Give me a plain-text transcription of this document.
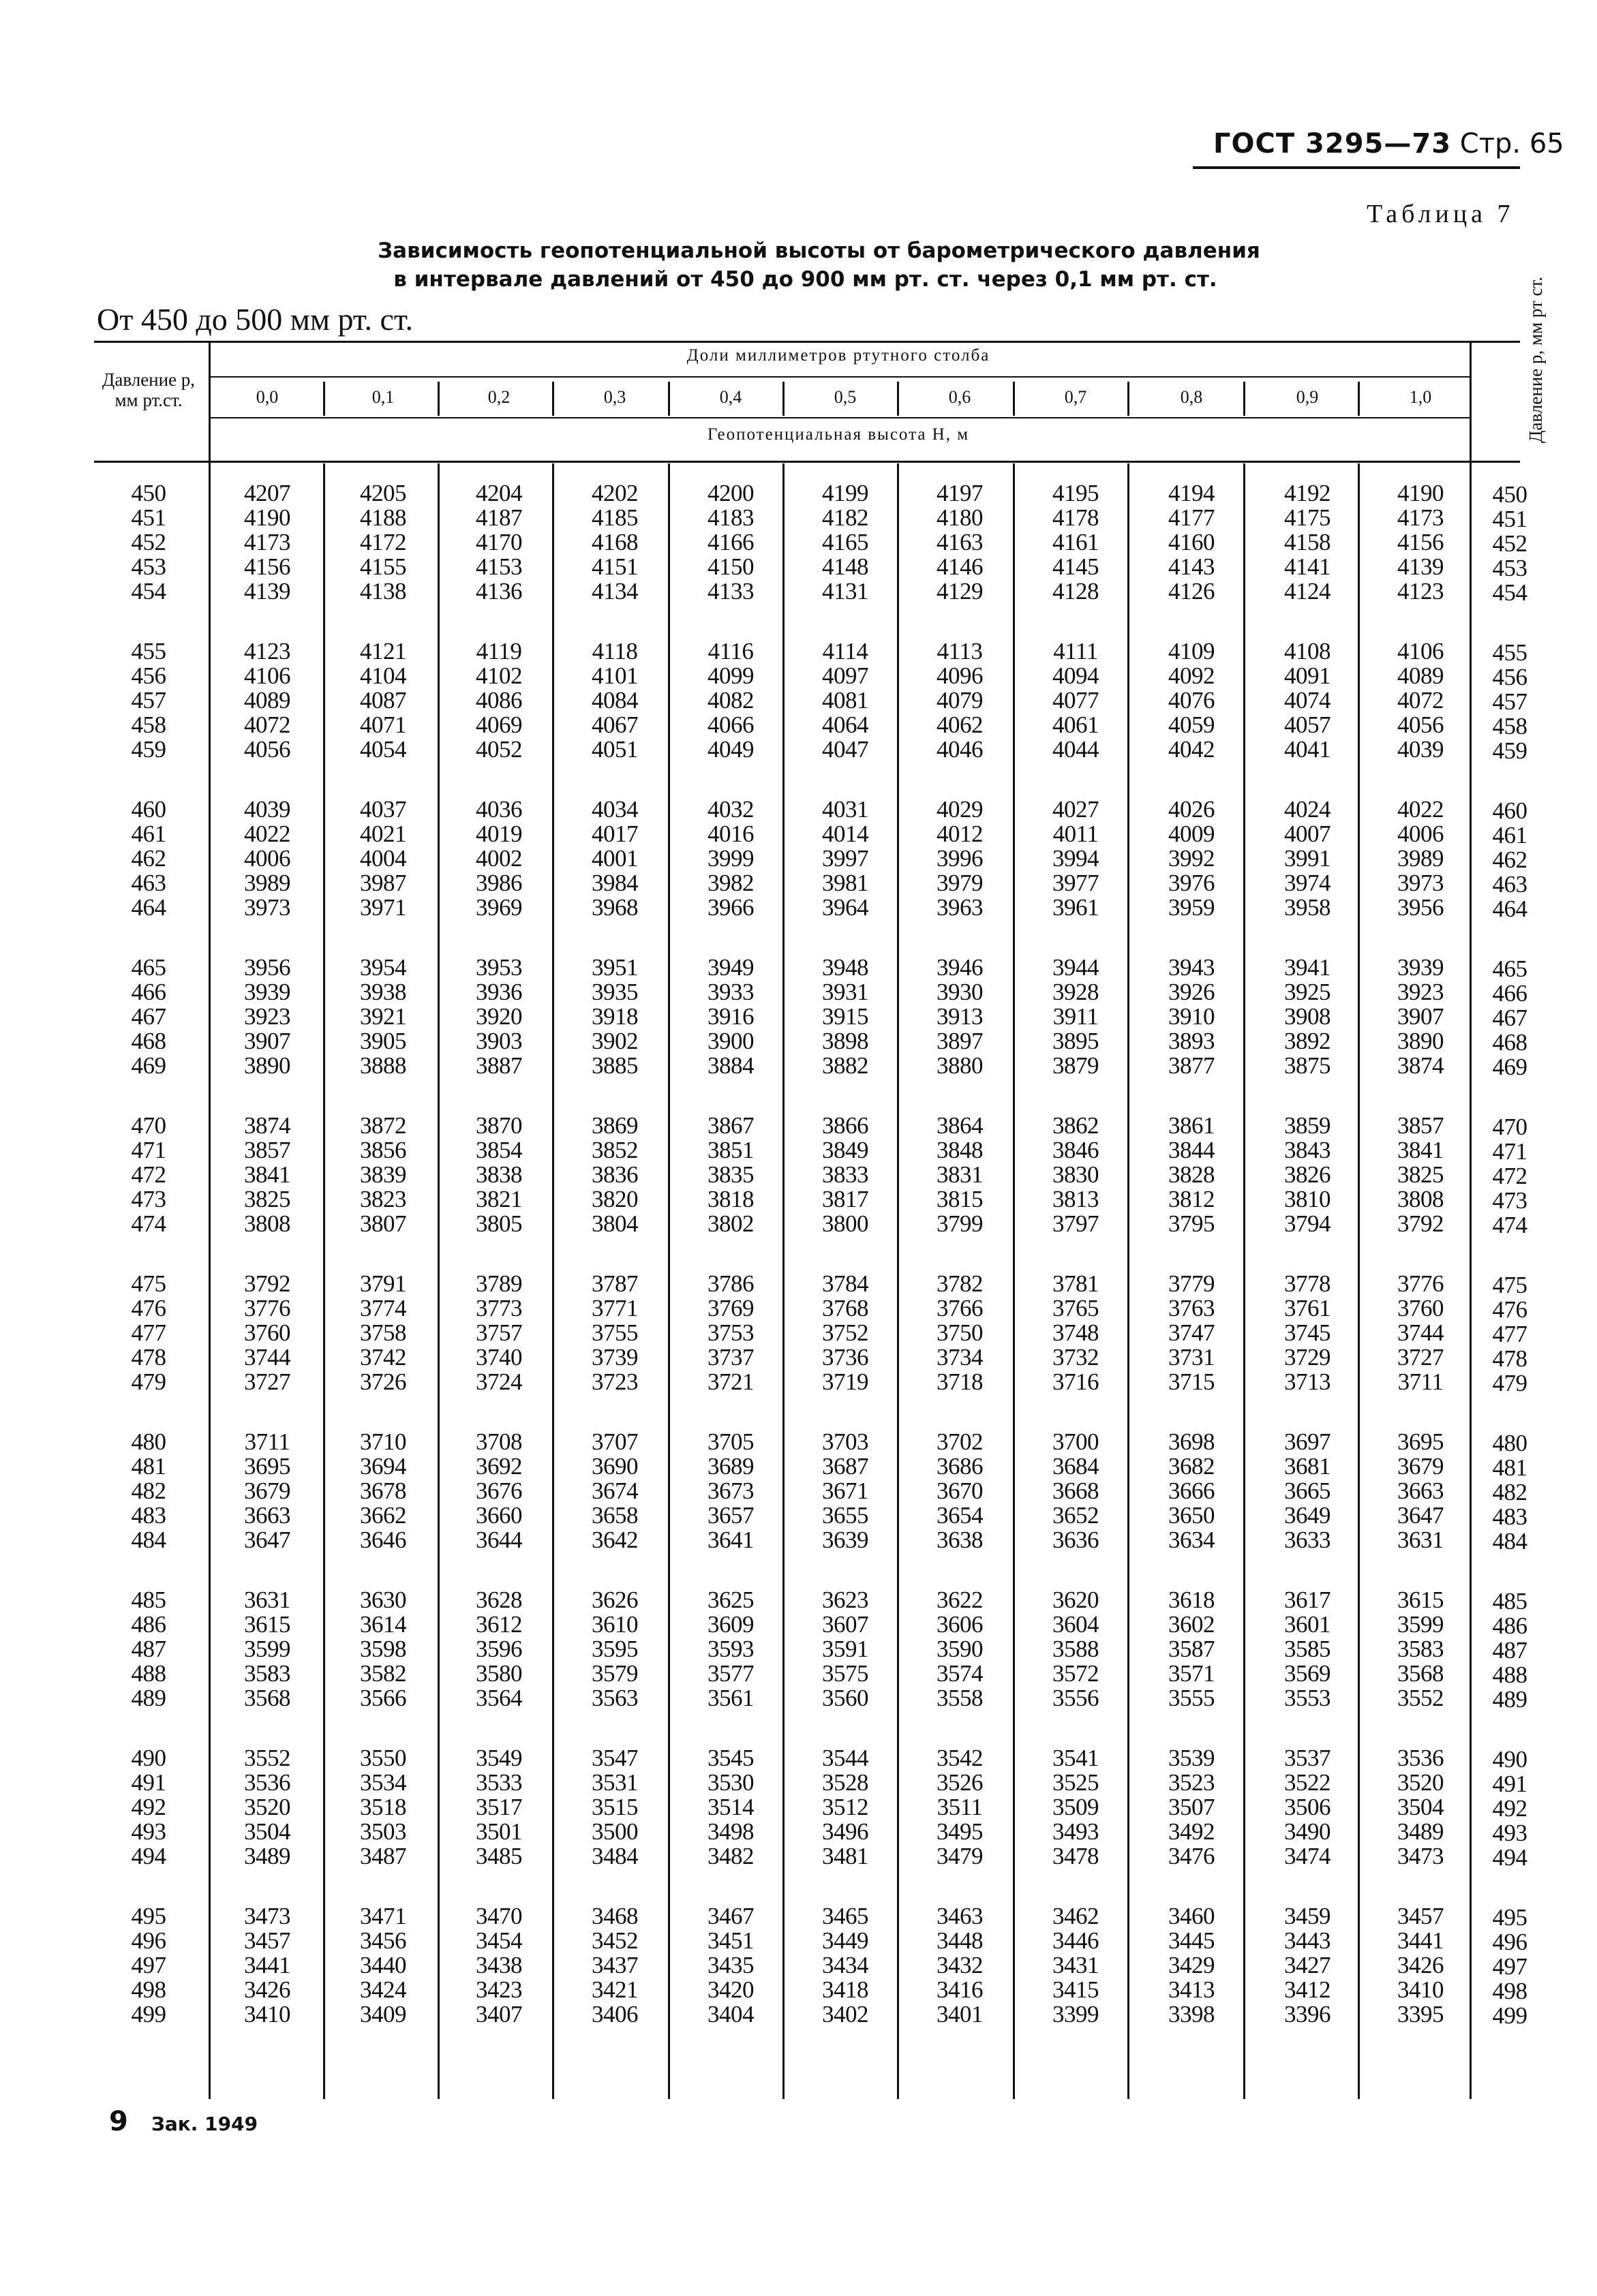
ГОСТ 3295—73 Стр. 65
Таблица 7
Зависимость геопотенциальной высоты от барометрического давления
в интервале давлений от 450 до 900 мм рт. ст. через 0,1 мм рт. ст.
От 450 до 500 мм рт. ст.
Давление p, мм рт.ст.	Давление p, мм рт ст.
Доли миллиметров ртутного столба
Геопотенциальная высота H, м
0,0	0,1	0,2	0,3	0,4	0,5	0,6	0,7	0,8	0,9	1,0
450	4207	4205	4204	4202	4200	4199	4197	4195	4194	4192	4190	450
451	4190	4188	4187	4185	4183	4182	4180	4178	4177	4175	4173	451
452	4173	4172	4170	4168	4166	4165	4163	4161	4160	4158	4156	452
453	4156	4155	4153	4151	4150	4148	4146	4145	4143	4141	4139	453
454	4139	4138	4136	4134	4133	4131	4129	4128	4126	4124	4123	454
455	4123	4121	4119	4118	4116	4114	4113	4111	4109	4108	4106	455
456	4106	4104	4102	4101	4099	4097	4096	4094	4092	4091	4089	456
457	4089	4087	4086	4084	4082	4081	4079	4077	4076	4074	4072	457
458	4072	4071	4069	4067	4066	4064	4062	4061	4059	4057	4056	458
459	4056	4054	4052	4051	4049	4047	4046	4044	4042	4041	4039	459
460	4039	4037	4036	4034	4032	4031	4029	4027	4026	4024	4022	460
461	4022	4021	4019	4017	4016	4014	4012	4011	4009	4007	4006	461
462	4006	4004	4002	4001	3999	3997	3996	3994	3992	3991	3989	462
463	3989	3987	3986	3984	3982	3981	3979	3977	3976	3974	3973	463
464	3973	3971	3969	3968	3966	3964	3963	3961	3959	3958	3956	464
465	3956	3954	3953	3951	3949	3948	3946	3944	3943	3941	3939	465
466	3939	3938	3936	3935	3933	3931	3930	3928	3926	3925	3923	466
467	3923	3921	3920	3918	3916	3915	3913	3911	3910	3908	3907	467
468	3907	3905	3903	3902	3900	3898	3897	3895	3893	3892	3890	468
469	3890	3888	3887	3885	3884	3882	3880	3879	3877	3875	3874	469
470	3874	3872	3870	3869	3867	3866	3864	3862	3861	3859	3857	470
471	3857	3856	3854	3852	3851	3849	3848	3846	3844	3843	3841	471
472	3841	3839	3838	3836	3835	3833	3831	3830	3828	3826	3825	472
473	3825	3823	3821	3820	3818	3817	3815	3813	3812	3810	3808	473
474	3808	3807	3805	3804	3802	3800	3799	3797	3795	3794	3792	474
475	3792	3791	3789	3787	3786	3784	3782	3781	3779	3778	3776	475
476	3776	3774	3773	3771	3769	3768	3766	3765	3763	3761	3760	476
477	3760	3758	3757	3755	3753	3752	3750	3748	3747	3745	3744	477
478	3744	3742	3740	3739	3737	3736	3734	3732	3731	3729	3727	478
479	3727	3726	3724	3723	3721	3719	3718	3716	3715	3713	3711	479
480	3711	3710	3708	3707	3705	3703	3702	3700	3698	3697	3695	480
481	3695	3694	3692	3690	3689	3687	3686	3684	3682	3681	3679	481
482	3679	3678	3676	3674	3673	3671	3670	3668	3666	3665	3663	482
483	3663	3662	3660	3658	3657	3655	3654	3652	3650	3649	3647	483
484	3647	3646	3644	3642	3641	3639	3638	3636	3634	3633	3631	484
485	3631	3630	3628	3626	3625	3623	3622	3620	3618	3617	3615	485
486	3615	3614	3612	3610	3609	3607	3606	3604	3602	3601	3599	486
487	3599	3598	3596	3595	3593	3591	3590	3588	3587	3585	3583	487
488	3583	3582	3580	3579	3577	3575	3574	3572	3571	3569	3568	488
489	3568	3566	3564	3563	3561	3560	3558	3556	3555	3553	3552	489
490	3552	3550	3549	3547	3545	3544	3542	3541	3539	3537	3536	490
491	3536	3534	3533	3531	3530	3528	3526	3525	3523	3522	3520	491
492	3520	3518	3517	3515	3514	3512	3511	3509	3507	3506	3504	492
493	3504	3503	3501	3500	3498	3496	3495	3493	3492	3490	3489	493
494	3489	3487	3485	3484	3482	3481	3479	3478	3476	3474	3473	494
495	3473	3471	3470	3468	3467	3465	3463	3462	3460	3459	3457	495
496	3457	3456	3454	3452	3451	3449	3448	3446	3445	3443	3441	496
497	3441	3440	3438	3437	3435	3434	3432	3431	3429	3427	3426	497
498	3426	3424	3423	3421	3420	3418	3416	3415	3413	3412	3410	498
499	3410	3409	3407	3406	3404	3402	3401	3399	3398	3396	3395	499
9 Зак. 1949
